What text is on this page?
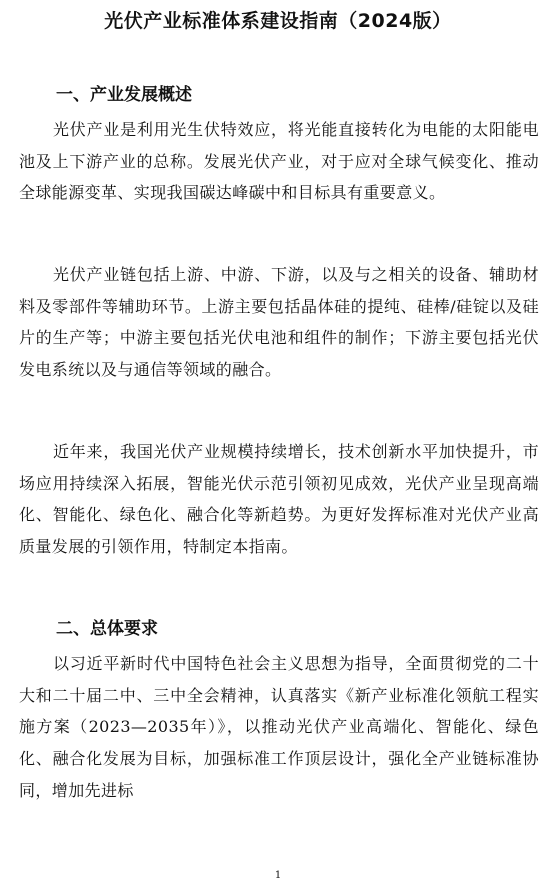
光伏产业标准体系建设指南（2024版）
一、产业发展概述

光伏产业是利用光生伏特效应，将光能直接转化为电能的太阳能电池及上下游产业的总称。发展光伏产业，对于应对全球气候变化、推动全球能源变革、实现我国碳达峰碳中和目标具有重要意义。

光伏产业链包括上游、中游、下游，以及与之相关的设备、辅助材料及零部件等辅助环节。上游主要包括晶体硅的提纯、硅棒/硅锭以及硅片的生产等；中游主要包括光伏电池和组件的制作；下游主要包括光伏发电系统以及与通信等领域的融合。

近年来，我国光伏产业规模持续增长，技术创新水平加快提升，市场应用持续深入拓展，智能光伏示范引领初见成效，光伏产业呈现高端化、智能化、绿色化、融合化等新趋势。为更好发挥标准对光伏产业高质量发展的引领作用，特制定本指南。

二、总体要求

以习近平新时代中国特色社会主义思想为指导，全面贯彻党的二十大和二十届二中、三中全会精神，认真落实《新产业标准化领航工程实施方案（2023—2035年）》，以推动光伏产业高端化、智能化、绿色化、融合化发展为目标，加强标准工作顶层设计，强化全产业链标准协同，增加先进标

1
